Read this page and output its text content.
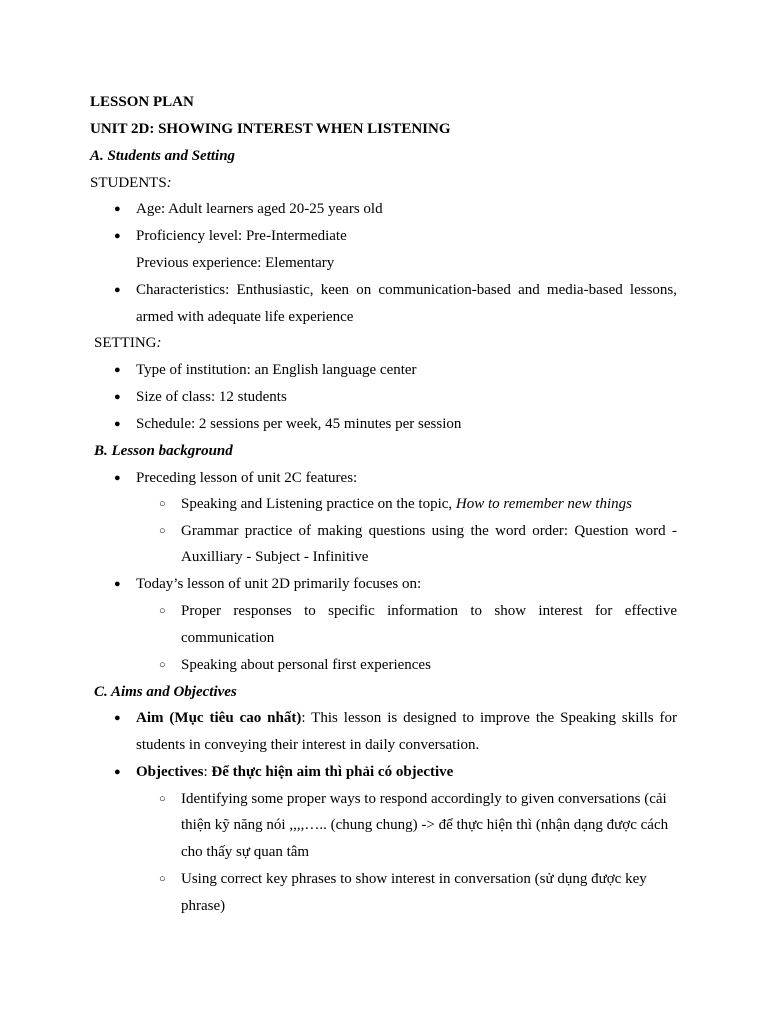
LESSON PLAN
UNIT 2D: SHOWING INTEREST WHEN LISTENING
A. Students and Setting
STUDENTS:
● Age: Adult learners aged 20-25 years old
● Proficiency level: Pre-Intermediate
Previous experience: Elementary
● Characteristics: Enthusiastic, keen on communication-based and media-based lessons,
armed with adequate life experience
SETTING:
● Type of institution: an English language center
● Size of class: 12 students
● Schedule: 2 sessions per week, 45 minutes per session
B. Lesson background
● Preceding lesson of unit 2C features:
○ Speaking and Listening practice on the topic, How to remember new things
○ Grammar practice of making questions using the word order: Question word -
Auxilliary - Subject - Infinitive
● Today’s lesson of unit 2D primarily focuses on:
○ Proper responses to specific information to show interest for effective
communication
○ Speaking about personal first experiences
C. Aims and Objectives
● Aim (Mục tiêu cao nhất): This lesson is designed to improve the Speaking skills for
students in conveying their interest in daily conversation.
● Objectives: Để thực hiện aim thì phải có objective
○ Identifying some proper ways to respond accordingly to given conversations (cải
thiện kỹ năng nói ,,,,….. (chung chung) -> để thực hiện thì (nhận dạng được cách
cho thấy sự quan tâm
○ Using correct key phrases to show interest in conversation (sử dụng được key
phrase)
